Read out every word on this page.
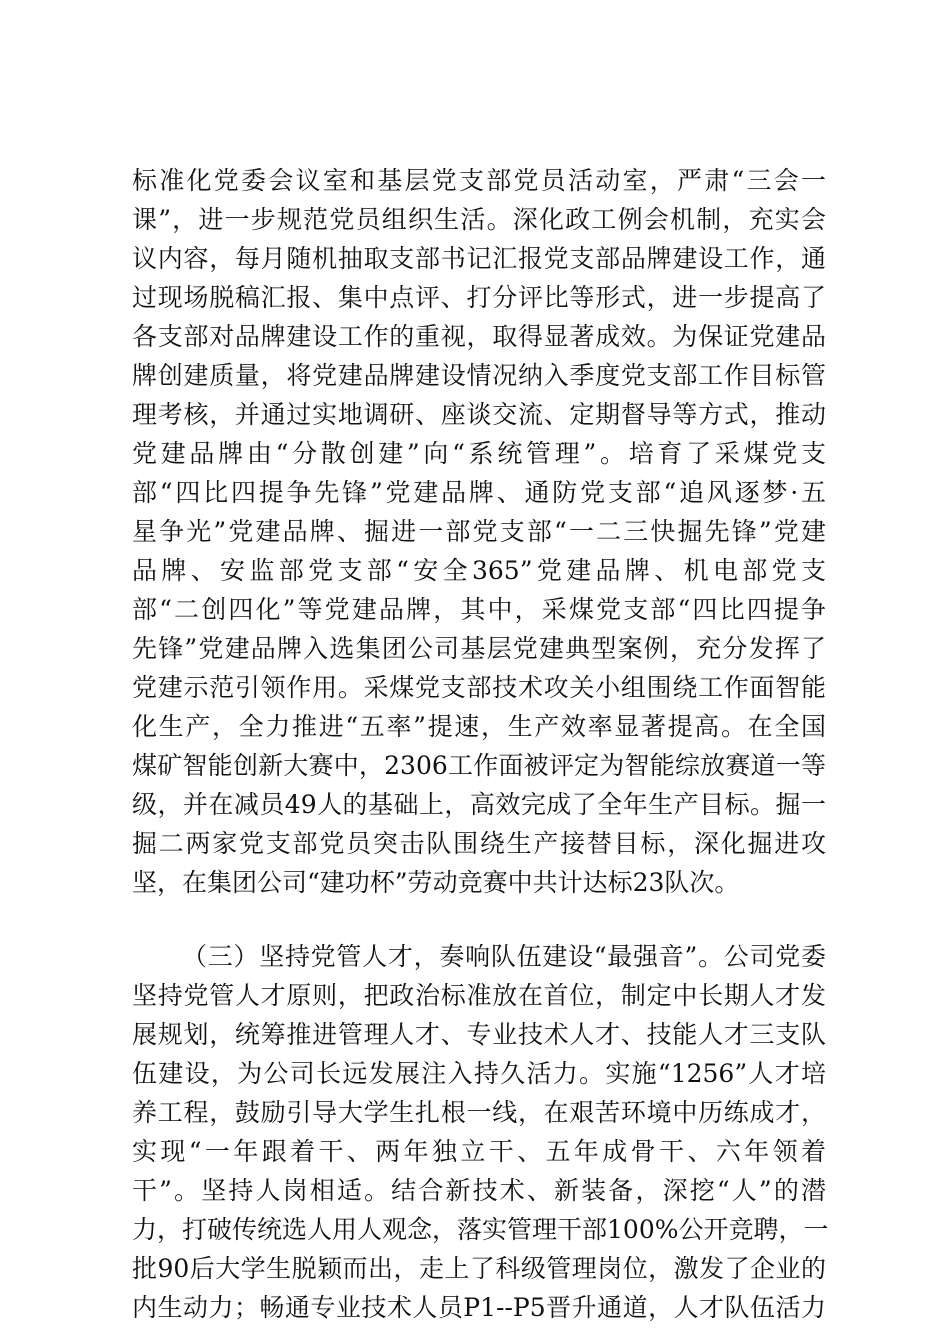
标准化党委会议室和基层党支部党员活动室，严肃“三会一
课”，进一步规范党员组织生活。深化政工例会机制，充实会
议内容，每月随机抽取支部书记汇报党支部品牌建设工作，通
过现场脱稿汇报、集中点评、打分评比等形式，进一步提高了
各支部对品牌建设工作的重视，取得显著成效。为保证党建品
牌创建质量，将党建品牌建设情况纳入季度党支部工作目标管
理考核，并通过实地调研、座谈交流、定期督导等方式，推动
党建品牌由“分散创建”向“系统管理”。培育了采煤党支
部“四比四提争先锋”党建品牌、通防党支部“追风逐梦·五
星争光”党建品牌、掘进一部党支部“一二三快掘先锋”党建
品牌、安监部党支部“安全365”党建品牌、机电部党支
部“二创四化”等党建品牌，其中，采煤党支部“四比四提争
先锋”党建品牌入选集团公司基层党建典型案例，充分发挥了
党建示范引领作用。采煤党支部技术攻关小组围绕工作面智能
化生产，全力推进“五率”提速，生产效率显著提高。在全国
煤矿智能创新大赛中，2306工作面被评定为智能综放赛道一等
级，并在减员49人的基础上，高效完成了全年生产目标。掘一
掘二两家党支部党员突击队围绕生产接替目标，深化掘进攻
坚，在集团公司“建功杯”劳动竞赛中共计达标23队次。
（三）坚持党管人才，奏响队伍建设“最强音”。公司党委
坚持党管人才原则，把政治标准放在首位，制定中长期人才发
展规划，统筹推进管理人才、专业技术人才、技能人才三支队
伍建设，为公司长远发展注入持久活力。实施“1256”人才培
养工程，鼓励引导大学生扎根一线，在艰苦环境中历练成才，
实现“一年跟着干、两年独立干、五年成骨干、六年领着
干”。坚持人岗相适。结合新技术、新装备，深挖“人”的潜
力，打破传统选人用人观念，落实管理干部100%公开竞聘，一
批90后大学生脱颖而出，走上了科级管理岗位，激发了企业的
内生动力；畅通专业技术人员P1--P5晋升通道，人才队伍活力
